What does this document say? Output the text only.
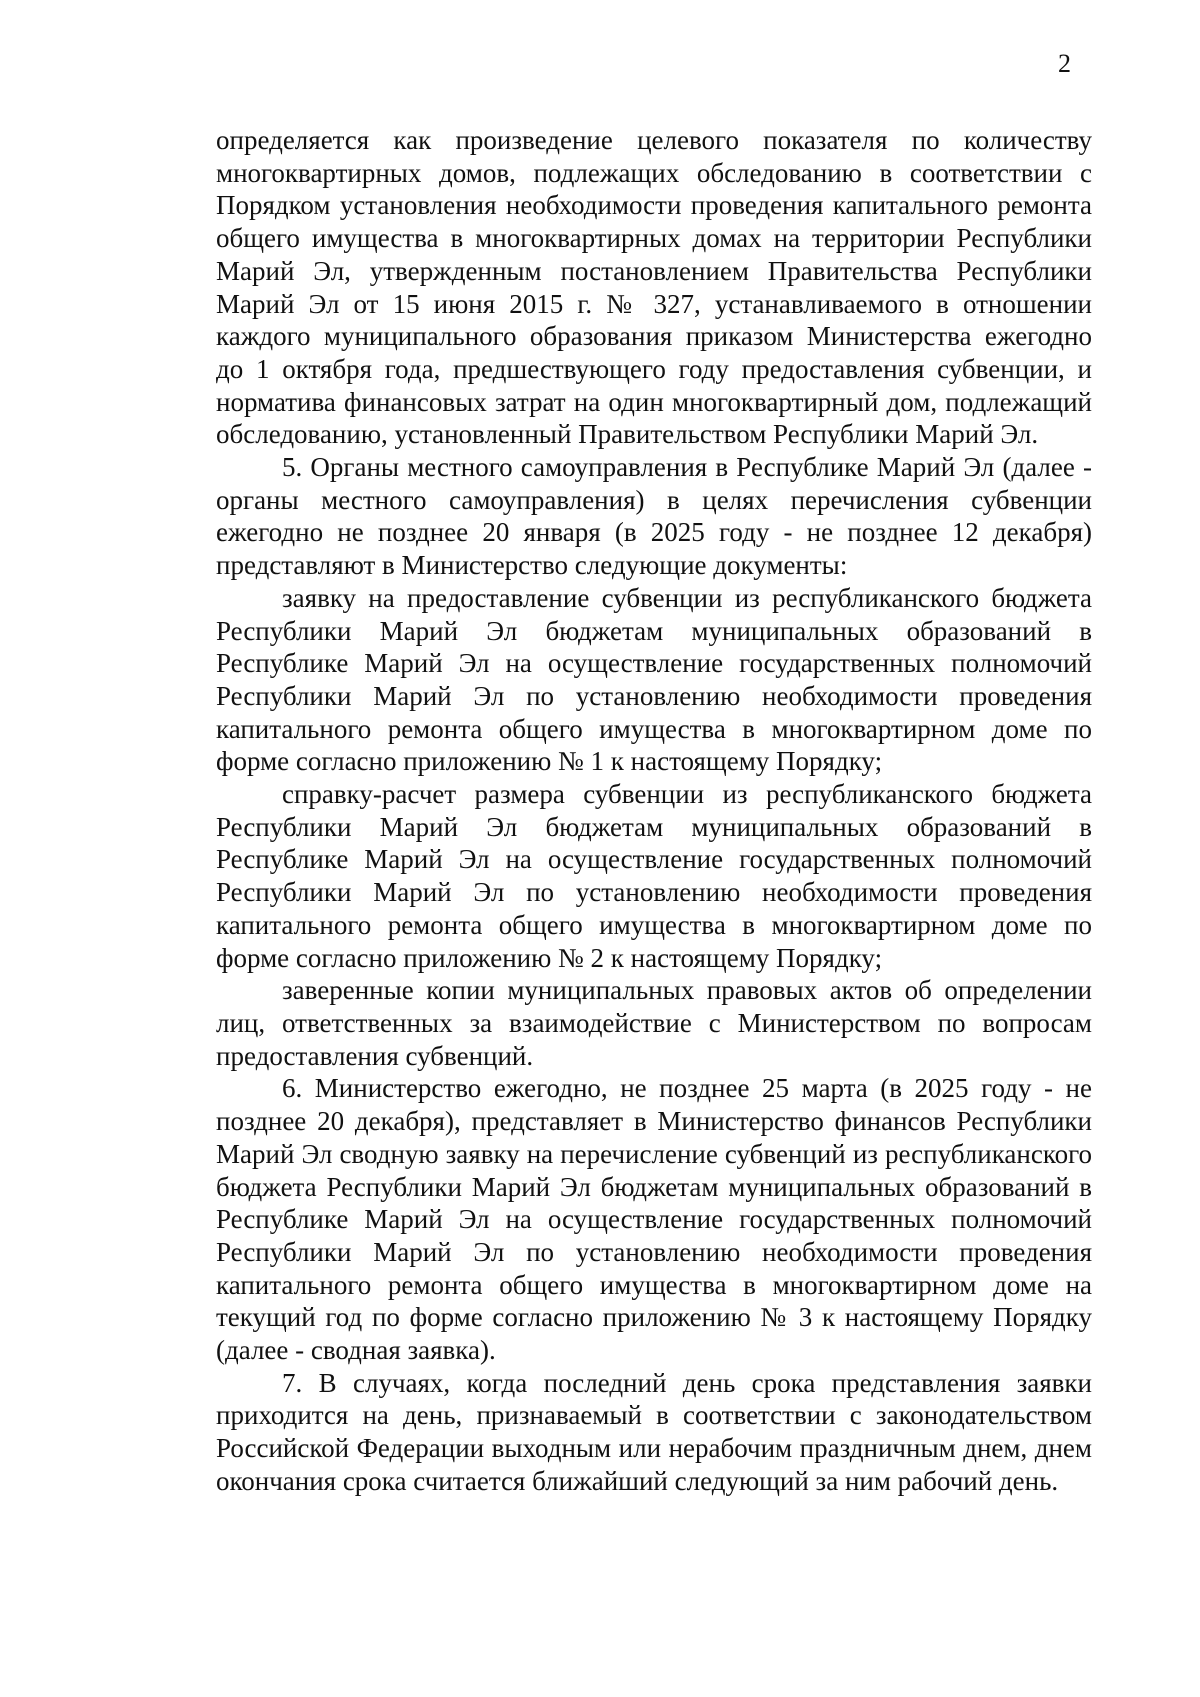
2

определяется как произведение целевого показателя по количеству многоквартирных домов, подлежащих обследованию в соответствии с Порядком установления необходимости проведения капитального ремонта общего имущества в многоквартирных домах на территории Республики Марий Эл, утвержденным постановлением Правительства Республики Марий Эл от 15 июня 2015 г. № 327, устанавливаемого в отношении каждого муниципального образования приказом Министерства ежегодно до 1 октября года, предшествующего году предоставления субвенции, и норматива финансовых затрат на один многоквартирный дом, подлежащий обследованию, установленный Правительством Республики Марий Эл.

5. Органы местного самоуправления в Республике Марий Эл (далее - органы местного самоуправления) в целях перечисления субвенции ежегодно не позднее 20 января (в 2025 году - не позднее 12 декабря) представляют в Министерство следующие документы:

заявку на предоставление субвенции из республиканского бюджета Республики Марий Эл бюджетам муниципальных образований в Республике Марий Эл на осуществление государственных полномочий Республики Марий Эл по установлению необходимости проведения капитального ремонта общего имущества в многоквартирном доме по форме согласно приложению № 1 к настоящему Порядку;

справку-расчет размера субвенции из республиканского бюджета Республики Марий Эл бюджетам муниципальных образований в Республике Марий Эл на осуществление государственных полномочий Республики Марий Эл по установлению необходимости проведения капитального ремонта общего имущества в многоквартирном доме по форме согласно приложению № 2 к настоящему Порядку;

заверенные копии муниципальных правовых актов об определении лиц, ответственных за взаимодействие с Министерством по вопросам предоставления субвенций.

6. Министерство ежегодно, не позднее 25 марта (в 2025 году - не позднее 20 декабря), представляет в Министерство финансов Республики Марий Эл сводную заявку на перечисление субвенций из республиканского бюджета Республики Марий Эл бюджетам муниципальных образований в Республике Марий Эл на осуществление государственных полномочий Республики Марий Эл по установлению необходимости проведения капитального ремонта общего имущества в многоквартирном доме на текущий год по форме согласно приложению № 3 к настоящему Порядку (далее - сводная заявка).

7. В случаях, когда последний день срока представления заявки приходится на день, признаваемый в соответствии с законодательством Российской Федерации выходным или нерабочим праздничным днем, днем окончания срока считается ближайший следующий за ним рабочий день.
